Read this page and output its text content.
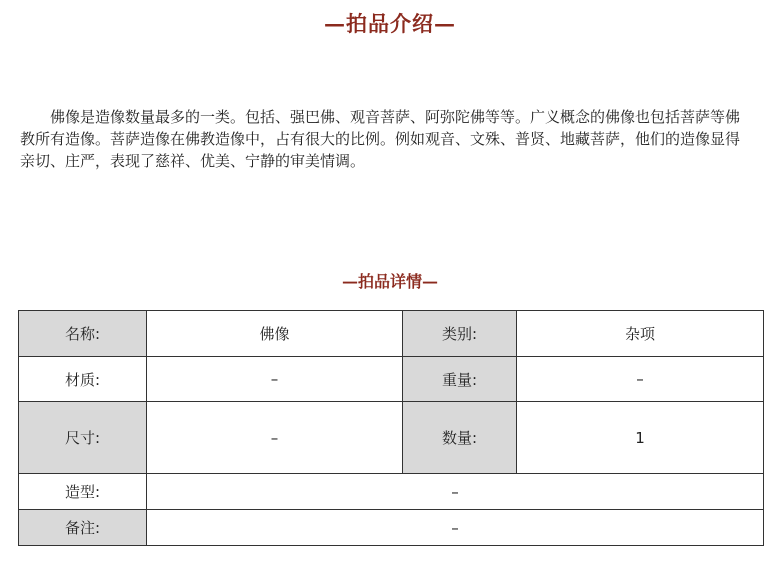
—拍品介绍—

佛像是造像数量最多的一类。包括、强巴佛、观音菩萨、阿弥陀佛等等。广义概念的佛像也包括菩萨等佛教所有造像。菩萨造像在佛教造像中，占有很大的比例。例如观音、文殊、普贤、地藏菩萨，他们的造像显得亲切、庄严，表现了慈祥、优美、宁静的审美情调。

—拍品详情—
名称:	佛像	类别:	杂项
材质:	–	重量:	–
尺寸:	–	数量:	1
造型:	–		
备注:	–		
